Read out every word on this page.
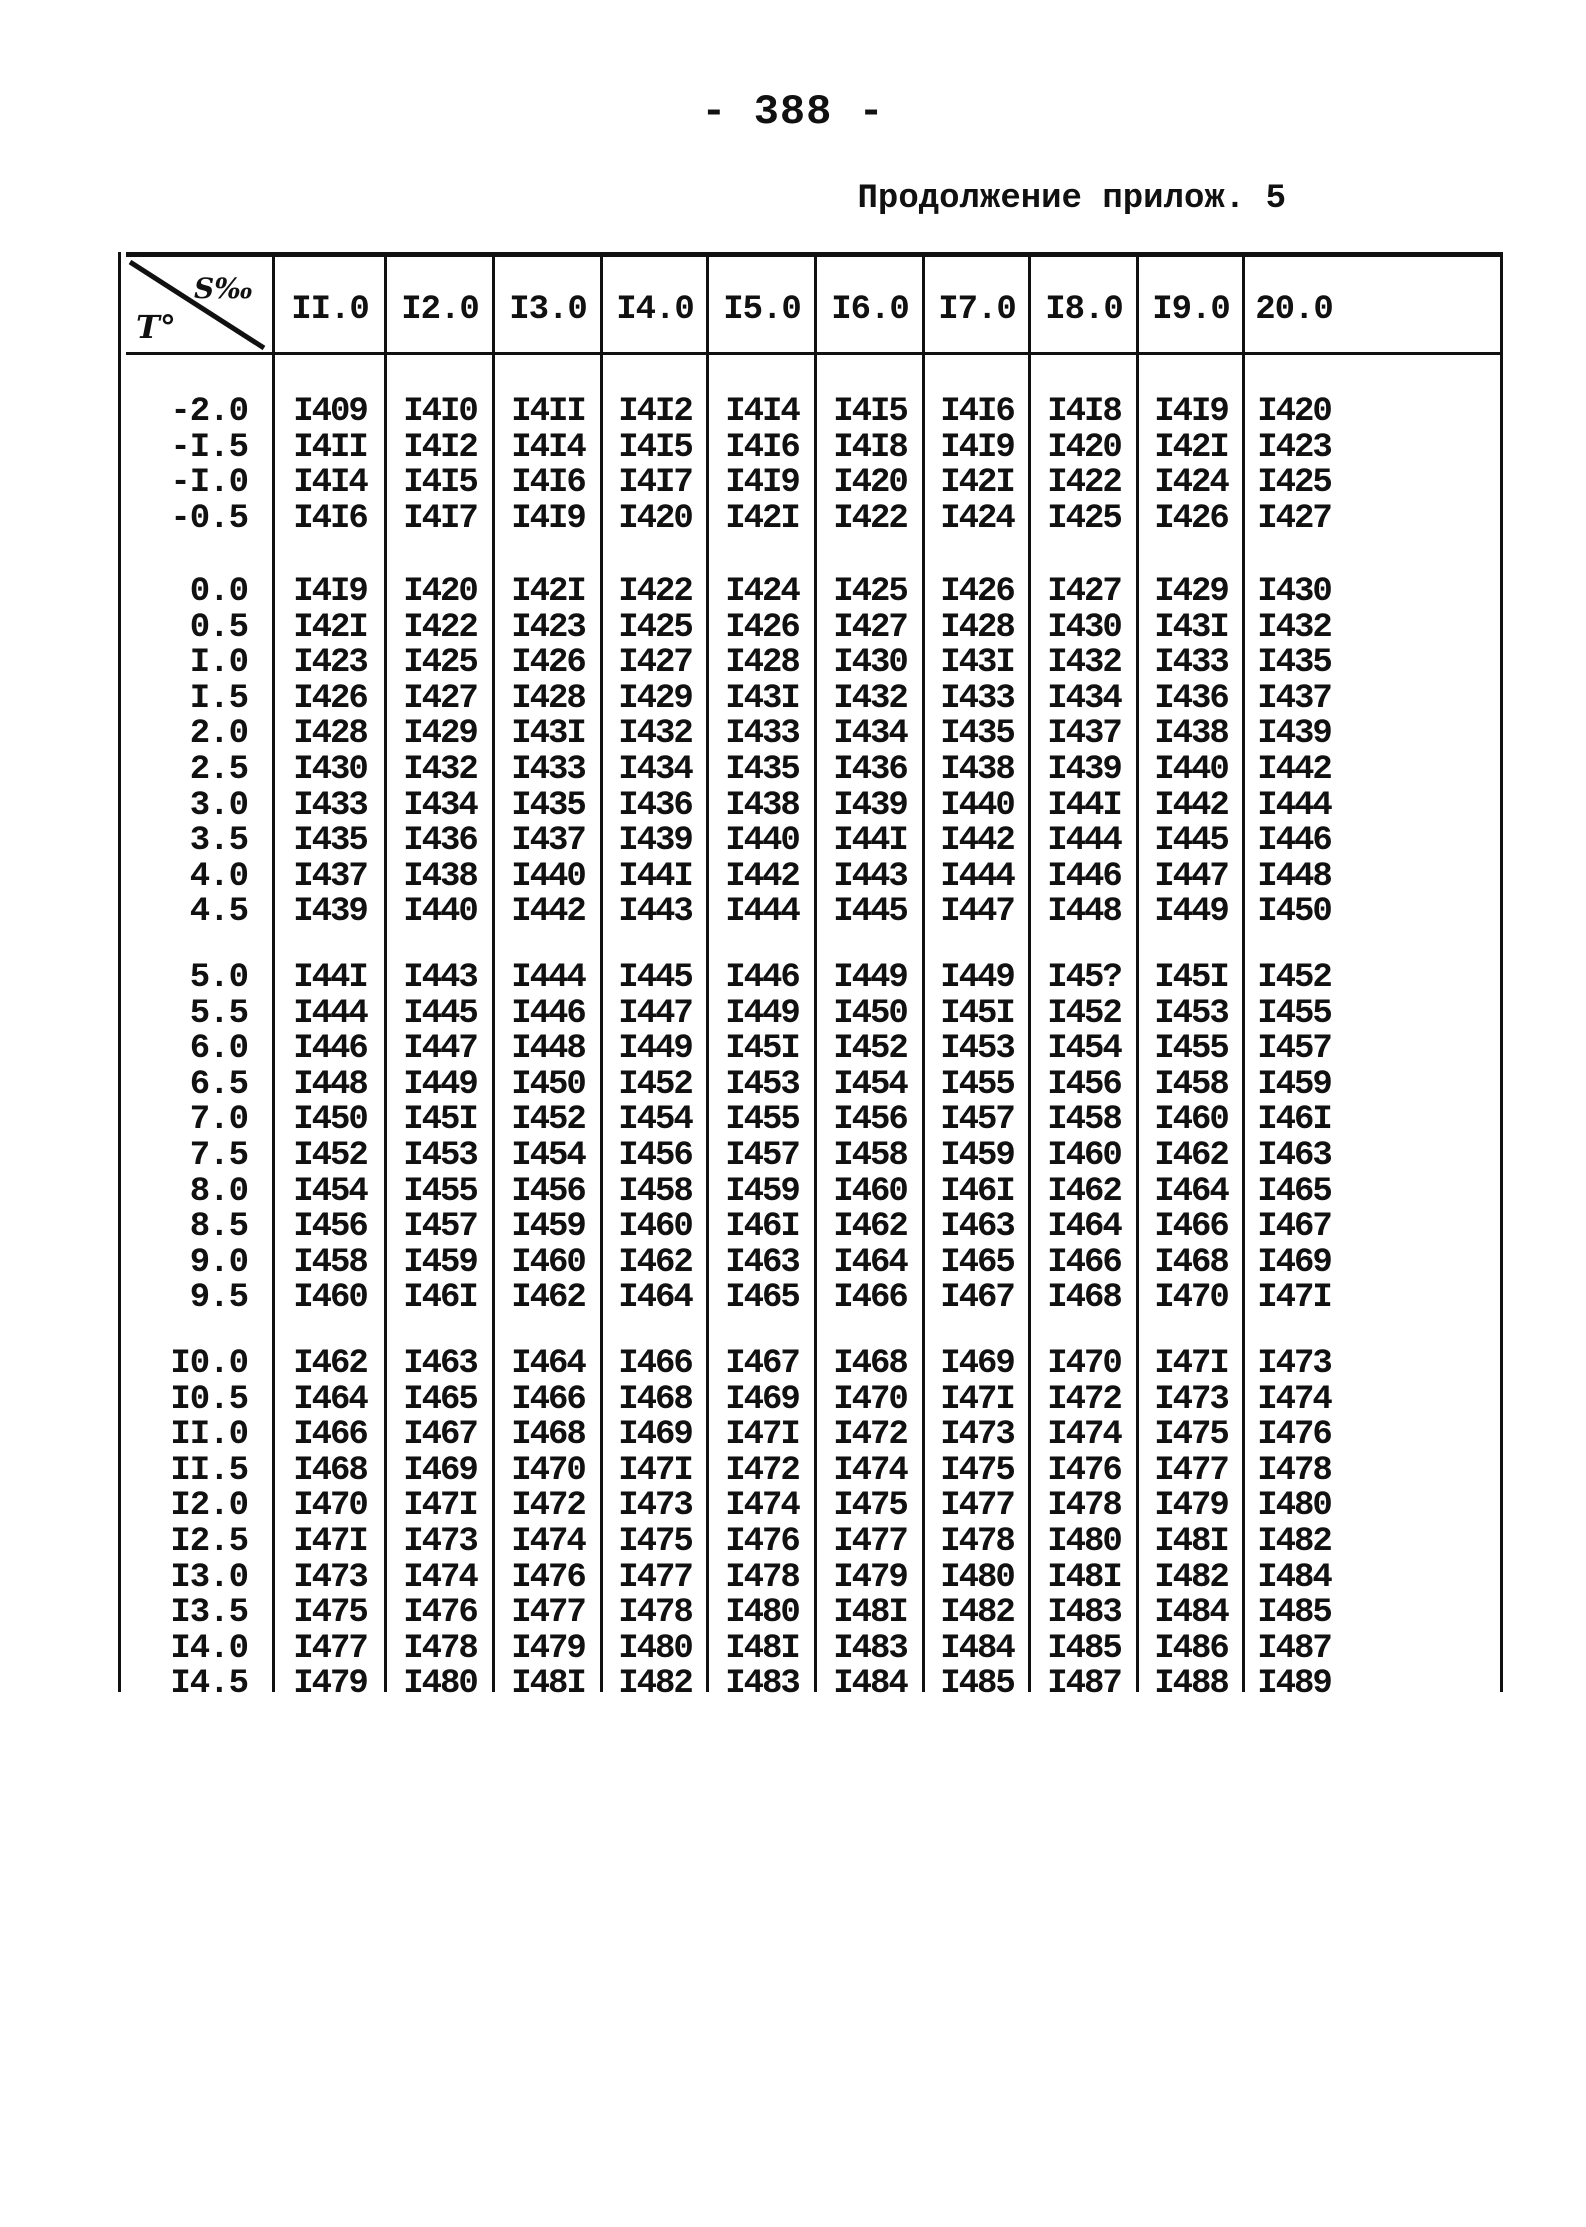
- 388 -
Продолжение прилож. 5
S‰
T°	II.0 I2.0 I3.0 I4.0 I5.0 I6.0 I7.0 I8.0 I9.0 20.0
-2.0	I409	I4I0	I4II I4I2 I4I4	I4I5 I4I6 I4I8 I4I9 I420
-I.5	I4II	I4I2	I4I4 I4I5 I4I6	I4I8 I4I9 I420 I42I I423
-I.0	I4I4	I4I5	I4I6 I4I7 I4I9	I420 I42I I422 I424 I425
-0.5	I4I6	I4I7	I4I9 I420 I42I	I422 I424 I425 I426 I427
0.0	I4I9	I420	I42I I422 I424	I425 I426 I427 I429 I430
0.5	I42I	I422	I423 I425 I426	I427 I428 I430 I43I I432
I.0	I423	I425	I426 I427 I428	I430 I43I I432 I433 I435
I.5	I426	I427	I428 I429 I43I	I432 I433 I434 I436 I437
2.0	I428	I429	I43I I432 I433	I434 I435 I437 I438 I439
2.5	I430	I432	I433 I434 I435	I436 I438 I439 I440 I442
3.0	I433	I434	I435 I436 I438	I439 I440 I44I I442 I444
3.5	I435	I436	I437 I439 I440	I44I I442 I444 I445 I446
4.0	I437	I438	I440 I44I I442	I443 I444 I446 I447 I448
4.5	I439	I440	I442 I443 I444	I445 I447 I448 I449 I450
5.0	I44I	I443	I444 I445 I446	I449 I449 I45? I45I I452
5.5	I444	I445	I446 I447 I449	I450 I45I I452 I453 I455
6.0	I446	I447	I448 I449 I45I	I452 I453 I454 I455 I457
6.5	I448	I449	I450 I452 I453	I454 I455 I456 I458 I459
7.0	I450	I45I	I452 I454 I455	I456 I457 I458 I460 I46I
7.5	I452	I453	I454 I456 I457	I458 I459 I460 I462 I463
8.0	I454	I455	I456 I458 I459	I460 I46I I462 I464 I465
8.5	I456	I457	I459 I460 I46I	I462 I463 I464 I466 I467
9.0	I458	I459	I460 I462 I463	I464 I465 I466 I468 I469
9.5	I460	I46I	I462 I464 I465	I466 I467 I468 I470 I47I
I0.0	I462	I463	I464 I466 I467	I468 I469 I470 I47I I473
I0.5	I464	I465	I466 I468 I469	I470 I47I I472 I473 I474
II.0	I466	I467	I468 I469 I47I	I472 I473 I474 I475 I476
II.5	I468	I469	I470 I47I I472	I474 I475 I476 I477 I478
I2.0	I470	I47I	I472 I473 I474	I475 I477 I478 I479 I480
I2.5	I47I	I473	I474 I475 I476	I477 I478 I480 I48I I482
I3.0	I473	I474	I476 I477 I478	I479 I480 I48I I482 I484
I3.5	I475	I476	I477 I478 I480	I48I I482 I483 I484 I485
I4.0	I477	I478	I479 I480 I48I	I483 I484 I485 I486 I487
I4.5	I479	I480	I48I I482 I483	I484 I485 I487 I488 I489
